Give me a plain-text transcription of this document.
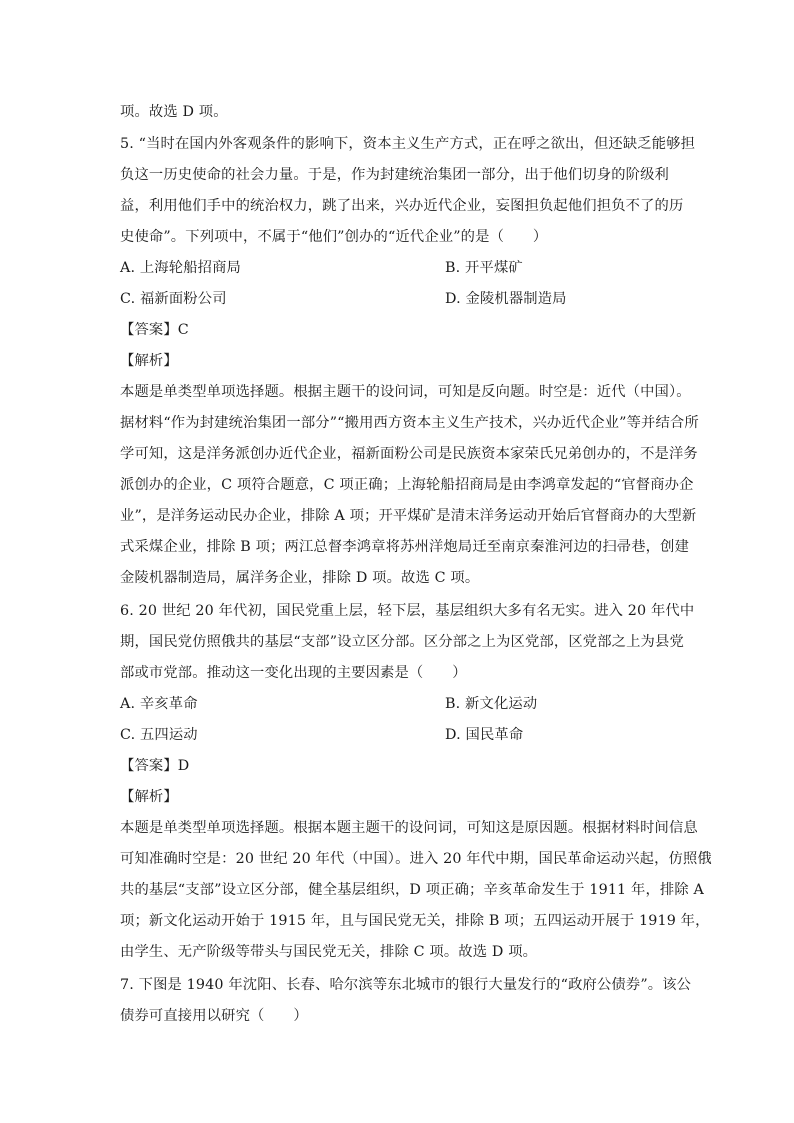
项。故选 D 项。
5. “当时在国内外客观条件的影响下，资本主义生产方式，正在呼之欲出，但还缺乏能够担
负这一历史使命的社会力量。于是，作为封建统治集团一部分，出于他们切身的阶级利
益，利用他们手中的统治权力，跳了出来，兴办近代企业，妄图担负起他们担负不了的历
史使命”。下列项中，不属于“他们”创办的“近代企业”的是（　　）
A. 上海轮船招商局	B. 开平煤矿
C. 福新面粉公司	D. 金陵机器制造局
【答案】C
【解析】
本题是单类型单项选择题。根据主题干的设问词，可知是反向题。时空是：近代（中国）。
据材料“作为封建统治集团一部分”“搬用西方资本主义生产技术，兴办近代企业”等并结合所
学可知，这是洋务派创办近代企业，福新面粉公司是民族资本家荣氏兄弟创办的，不是洋务
派创办的企业，C 项符合题意，C 项正确；上海轮船招商局是由李鸿章发起的“官督商办企
业”，是洋务运动民办企业，排除 A 项；开平煤矿是清末洋务运动开始后官督商办的大型新
式采煤企业，排除 B 项；两江总督李鸿章将苏州洋炮局迁至南京秦淮河边的扫帚巷，创建
金陵机器制造局，属洋务企业，排除 D 项。故选 C 项。
6. 20 世纪 20 年代初，国民党重上层，轻下层，基层组织大多有名无实。进入 20 年代中
期，国民党仿照俄共的基层“支部”设立区分部。区分部之上为区党部，区党部之上为县党
部或市党部。推动这一变化出现的主要因素是（　　）
A. 辛亥革命	B. 新文化运动
C. 五四运动	D. 国民革命
【答案】D
【解析】
本题是单类型单项选择题。根据本题主题干的设问词，可知这是原因题。根据材料时间信息
可知准确时空是：20 世纪 20 年代（中国）。进入 20 年代中期，国民革命运动兴起，仿照俄
共的基层“支部”设立区分部，健全基层组织，D 项正确；辛亥革命发生于 1911 年，排除 A
项；新文化运动开始于 1915 年，且与国民党无关，排除 B 项；五四运动开展于 1919 年，
由学生、无产阶级等带头与国民党无关，排除 C 项。故选 D 项。
7. 下图是 1940 年沈阳、长春、哈尔滨等东北城市的银行大量发行的“政府公债券”。该公
债券可直接用以研究（　　）
